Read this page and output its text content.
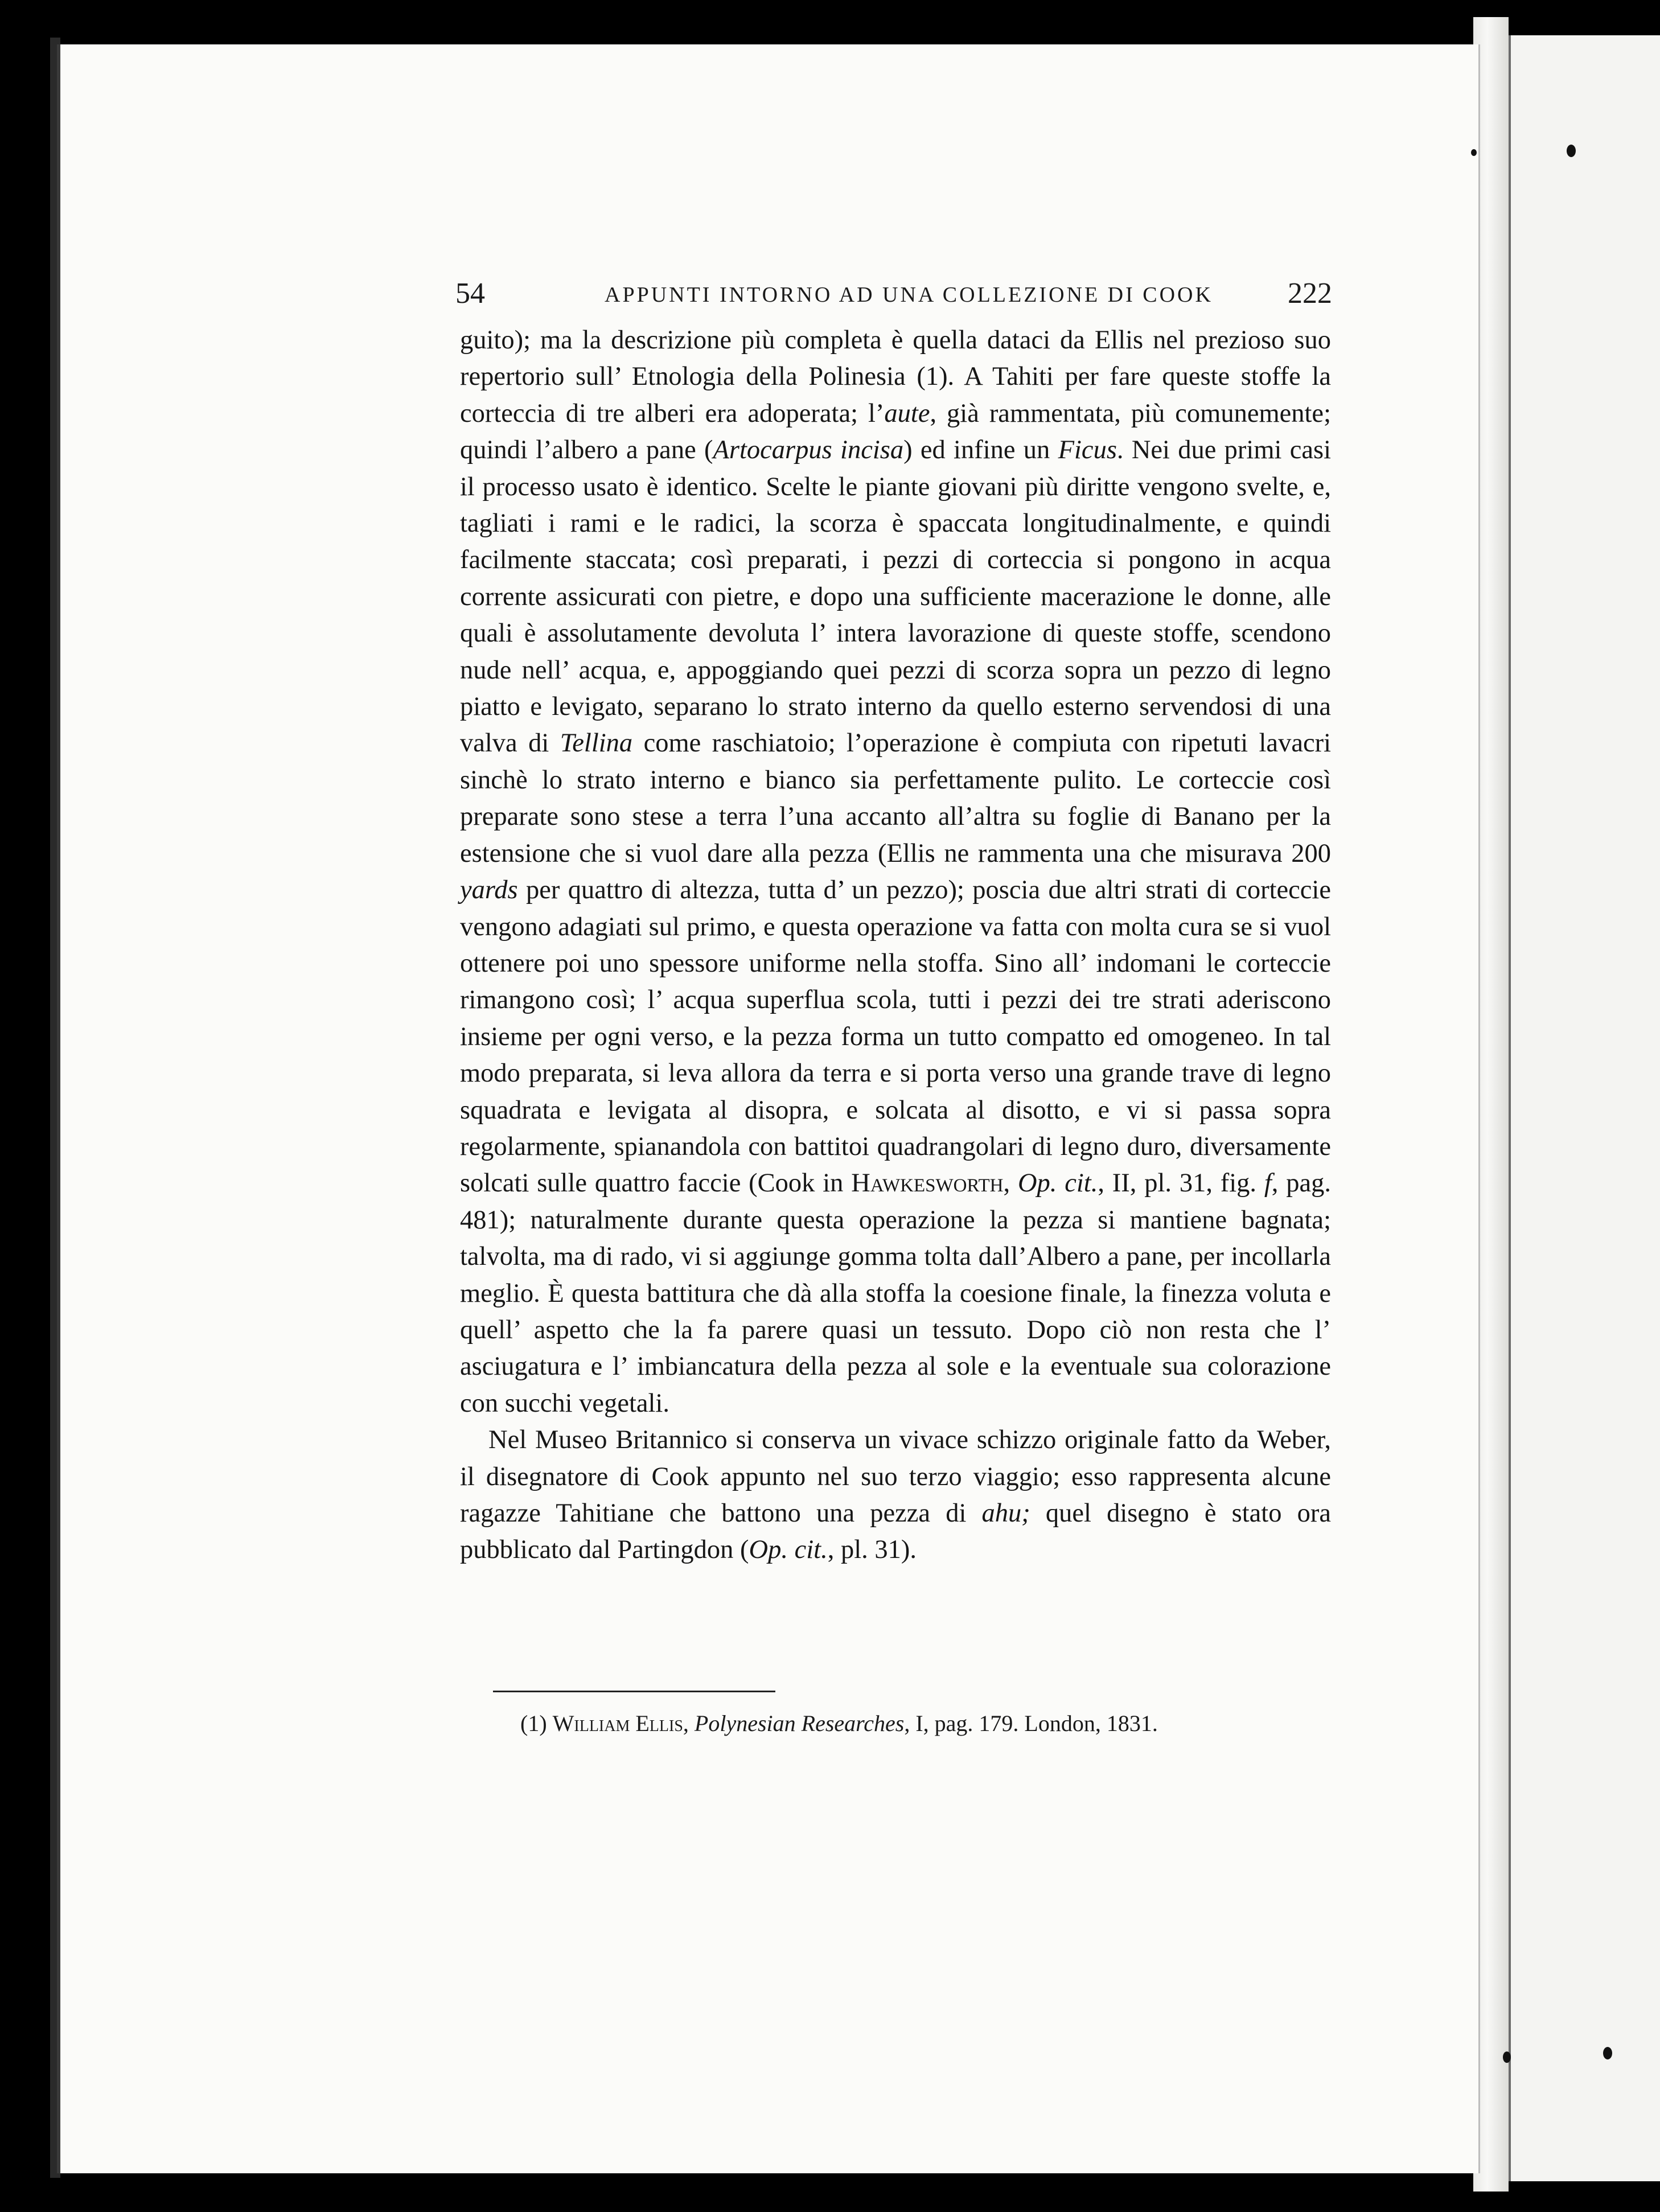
54	APPUNTI INTORNO AD UNA COLLEZIONE DI COOK	222

guito); ma la descrizione più completa è quella dataci da Ellis nel prezioso suo repertorio sull’ Etnologia della Polinesia (1). A Tahiti per fare queste stoffe la corteccia di tre alberi era adoperata; l’aute, già rammentata, più comunemente; quindi l’albero a pane (Artocarpus incisa) ed infine un Ficus. Nei due primi casi il processo usato è identico. Scelte le piante giovani più diritte vengono svelte, e, tagliati i rami e le radici, la scorza è spaccata longitudinalmente, e quindi facilmente staccata; così preparati, i pezzi di corteccia si pongono in acqua corrente assicurati con pietre, e dopo una sufficiente macerazione le donne, alle quali è assolutamente devoluta l’ intera lavorazione di queste stoffe, scendono nude nell’ acqua, e, appoggiando quei pezzi di scorza sopra un pezzo di legno piatto e levigato, separano lo strato interno da quello esterno servendosi di una valva di Tellina come raschiatoio; l’operazione è compiuta con ripetuti lavacri sinchè lo strato interno e bianco sia perfettamente pulito. Le corteccie così preparate sono stese a terra l’una accanto all’altra su foglie di Banano per la estensione che si vuol dare alla pezza (Ellis ne rammenta una che misurava 200 yards per quattro di altezza, tutta d’ un pezzo); poscia due altri strati di corteccie vengono adagiati sul primo, e questa operazione va fatta con molta cura se si vuol ottenere poi uno spessore uniforme nella stoffa. Sino all’ indomani le corteccie rimangono così; l’ acqua superflua scola, tutti i pezzi dei tre strati aderiscono insieme per ogni verso, e la pezza forma un tutto compatto ed omogeneo. In tal modo preparata, si leva allora da terra e si porta verso una grande trave di legno squadrata e levigata al disopra, e solcata al disotto, e vi si passa sopra regolarmente, spianandola con battitoi quadrangolari di legno duro, diversamente solcati sulle quattro faccie (Cook in Hawkesworth, Op. cit., II, pl. 31, fig. f, pag. 481); naturalmente durante questa operazione la pezza si mantiene bagnata; talvolta, ma di rado, vi si aggiunge gomma tolta dall’Albero a pane, per incollarla meglio. È questa battitura che dà alla stoffa la coesione finale, la finezza voluta e quell’ aspetto che la fa parere quasi un tessuto. Dopo ciò non resta che l’ asciugatura e l’ imbiancatura della pezza al sole e la eventuale sua colorazione con succhi vegetali.

Nel Museo Britannico si conserva un vivace schizzo originale fatto da Weber, il disegnatore di Cook appunto nel suo terzo viaggio; esso rappresenta alcune ragazze Tahitiane che battono una pezza di ahu; quel disegno è stato ora pubblicato dal Partingdon (Op. cit., pl. 31).

(1) William Ellis, Polynesian Researches, I, pag. 179. London, 1831.
